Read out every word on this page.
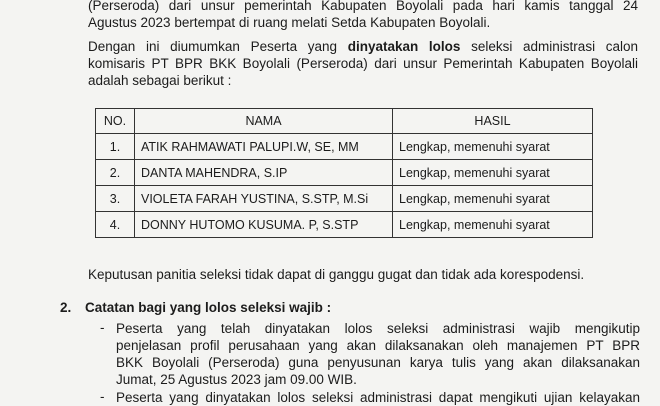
(Perseroda) dari unsur pemerintah Kabupaten Boyolali pada hari kamis tanggal 24
Agustus 2023 bertempat di ruang melati Setda Kabupaten Boyolali.
Dengan ini diumumkan Peserta yang dinyatakan lolos seleksi administrasi calon
komisaris PT BPR BKK Boyolali (Perseroda) dari unsur Pemerintah Kabupaten Boyolali
adalah sebagai berikut :
NO.	NAMA	HASIL
1.	ATIK RAHMAWATI PALUPI.W, SE, MM	Lengkap, memenuhi syarat
2.	DANTA MAHENDRA, S.IP	Lengkap, memenuhi syarat
3.	VIOLETA FARAH YUSTINA, S.STP, M.Si	Lengkap, memenuhi syarat
4.	DONNY HUTOMO KUSUMA. P, S.STP	Lengkap, memenuhi syarat
Keputusan panitia seleksi tidak dapat di ganggu gugat dan tidak ada korespodensi.
2. Catatan bagi yang lolos seleksi wajib :
- Peserta yang telah dinyatakan lolos seleksi administrasi wajib mengikutip
penjelasan profil perusahaan yang akan dilaksanakan oleh manajemen PT BPR
BKK Boyolali (Perseroda) guna penyusunan karya tulis yang akan dilaksanakan
Jumat, 25 Agustus 2023 jam 09.00 WIB.
- Peserta yang dinyatakan lolos seleksi administrasi dapat mengikuti ujian kelayakan
